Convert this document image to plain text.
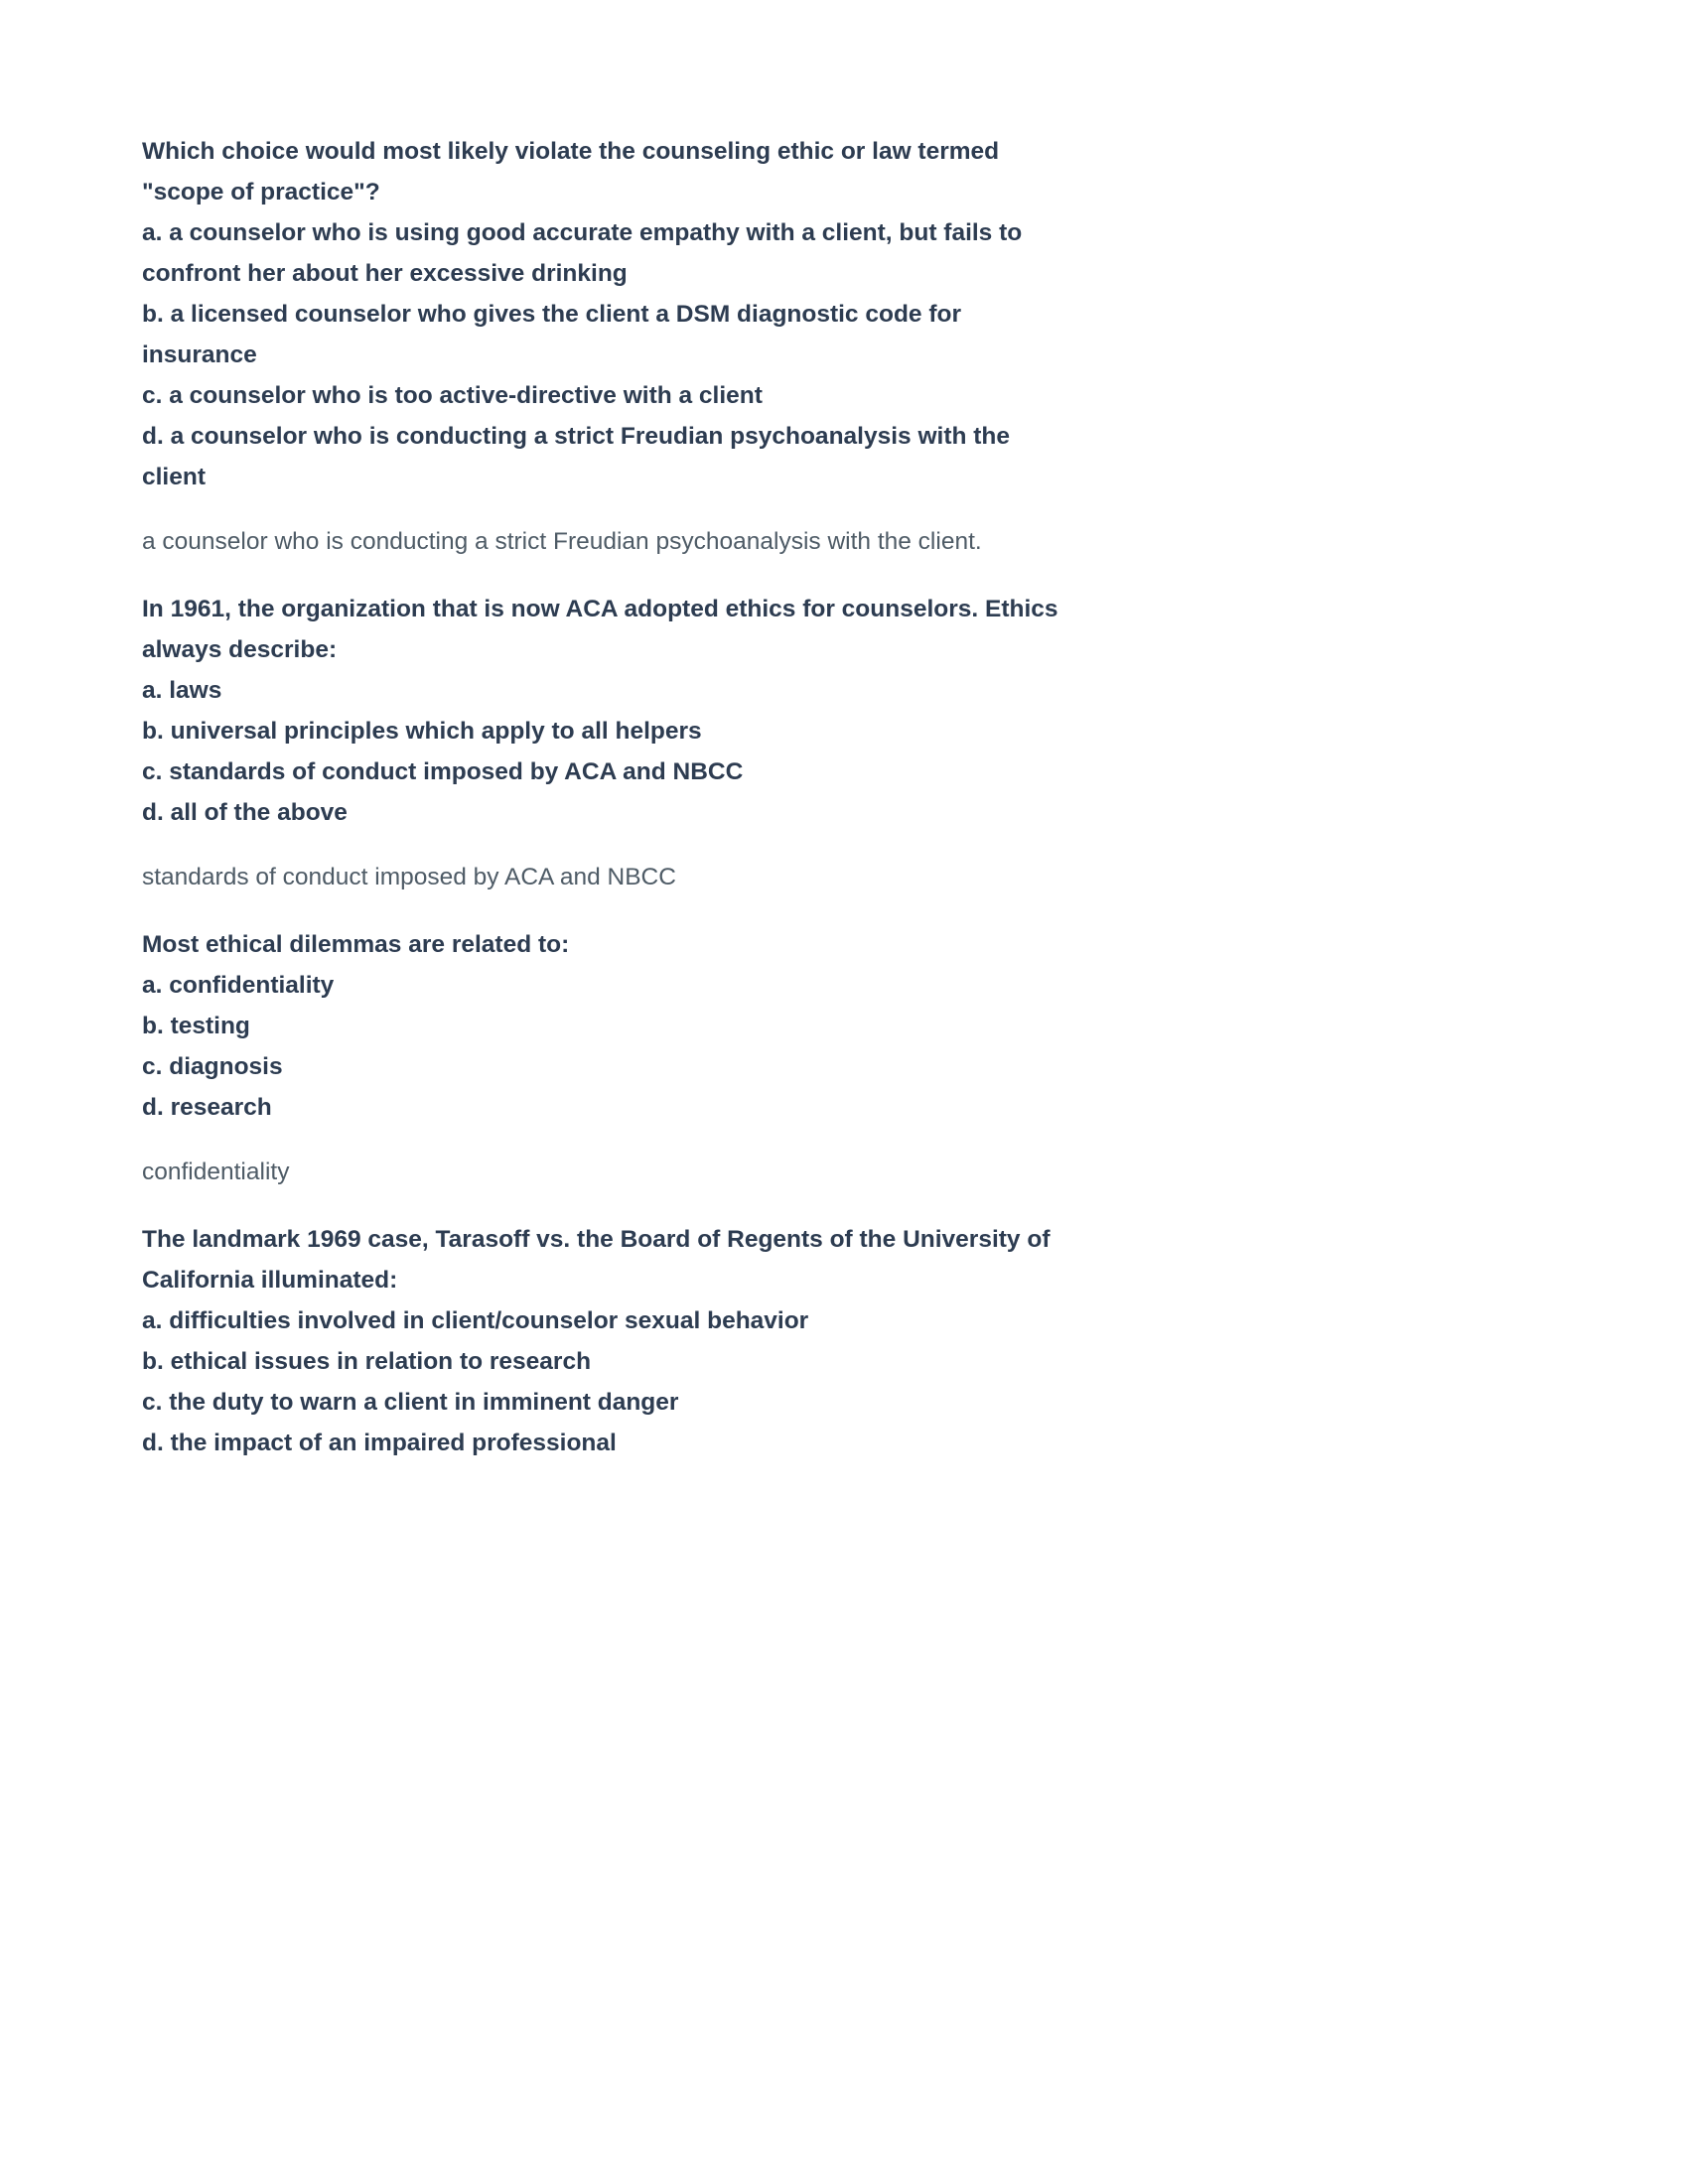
Which choice would most likely violate the counseling ethic or law termed "scope of practice"?
a. a counselor who is using good accurate empathy with a client, but fails to confront her about her excessive drinking
b. a licensed counselor who gives the client a DSM diagnostic code for insurance
c. a counselor who is too active-directive with a client
d. a counselor who is conducting a strict Freudian psychoanalysis with the client
a counselor who is conducting a strict Freudian psychoanalysis with the client.
In 1961, the organization that is now ACA adopted ethics for counselors. Ethics always describe:
a. laws
b. universal principles which apply to all helpers
c. standards of conduct imposed by ACA and NBCC
d. all of the above
standards of conduct imposed by ACA and NBCC
Most ethical dilemmas are related to:
a. confidentiality
b. testing
c. diagnosis
d. research
confidentiality
The landmark 1969 case, Tarasoff vs. the Board of Regents of the University of California illuminated:
a. difficulties involved in client/counselor sexual behavior
b. ethical issues in relation to research
c. the duty to warn a client in imminent danger
d. the impact of an impaired professional
